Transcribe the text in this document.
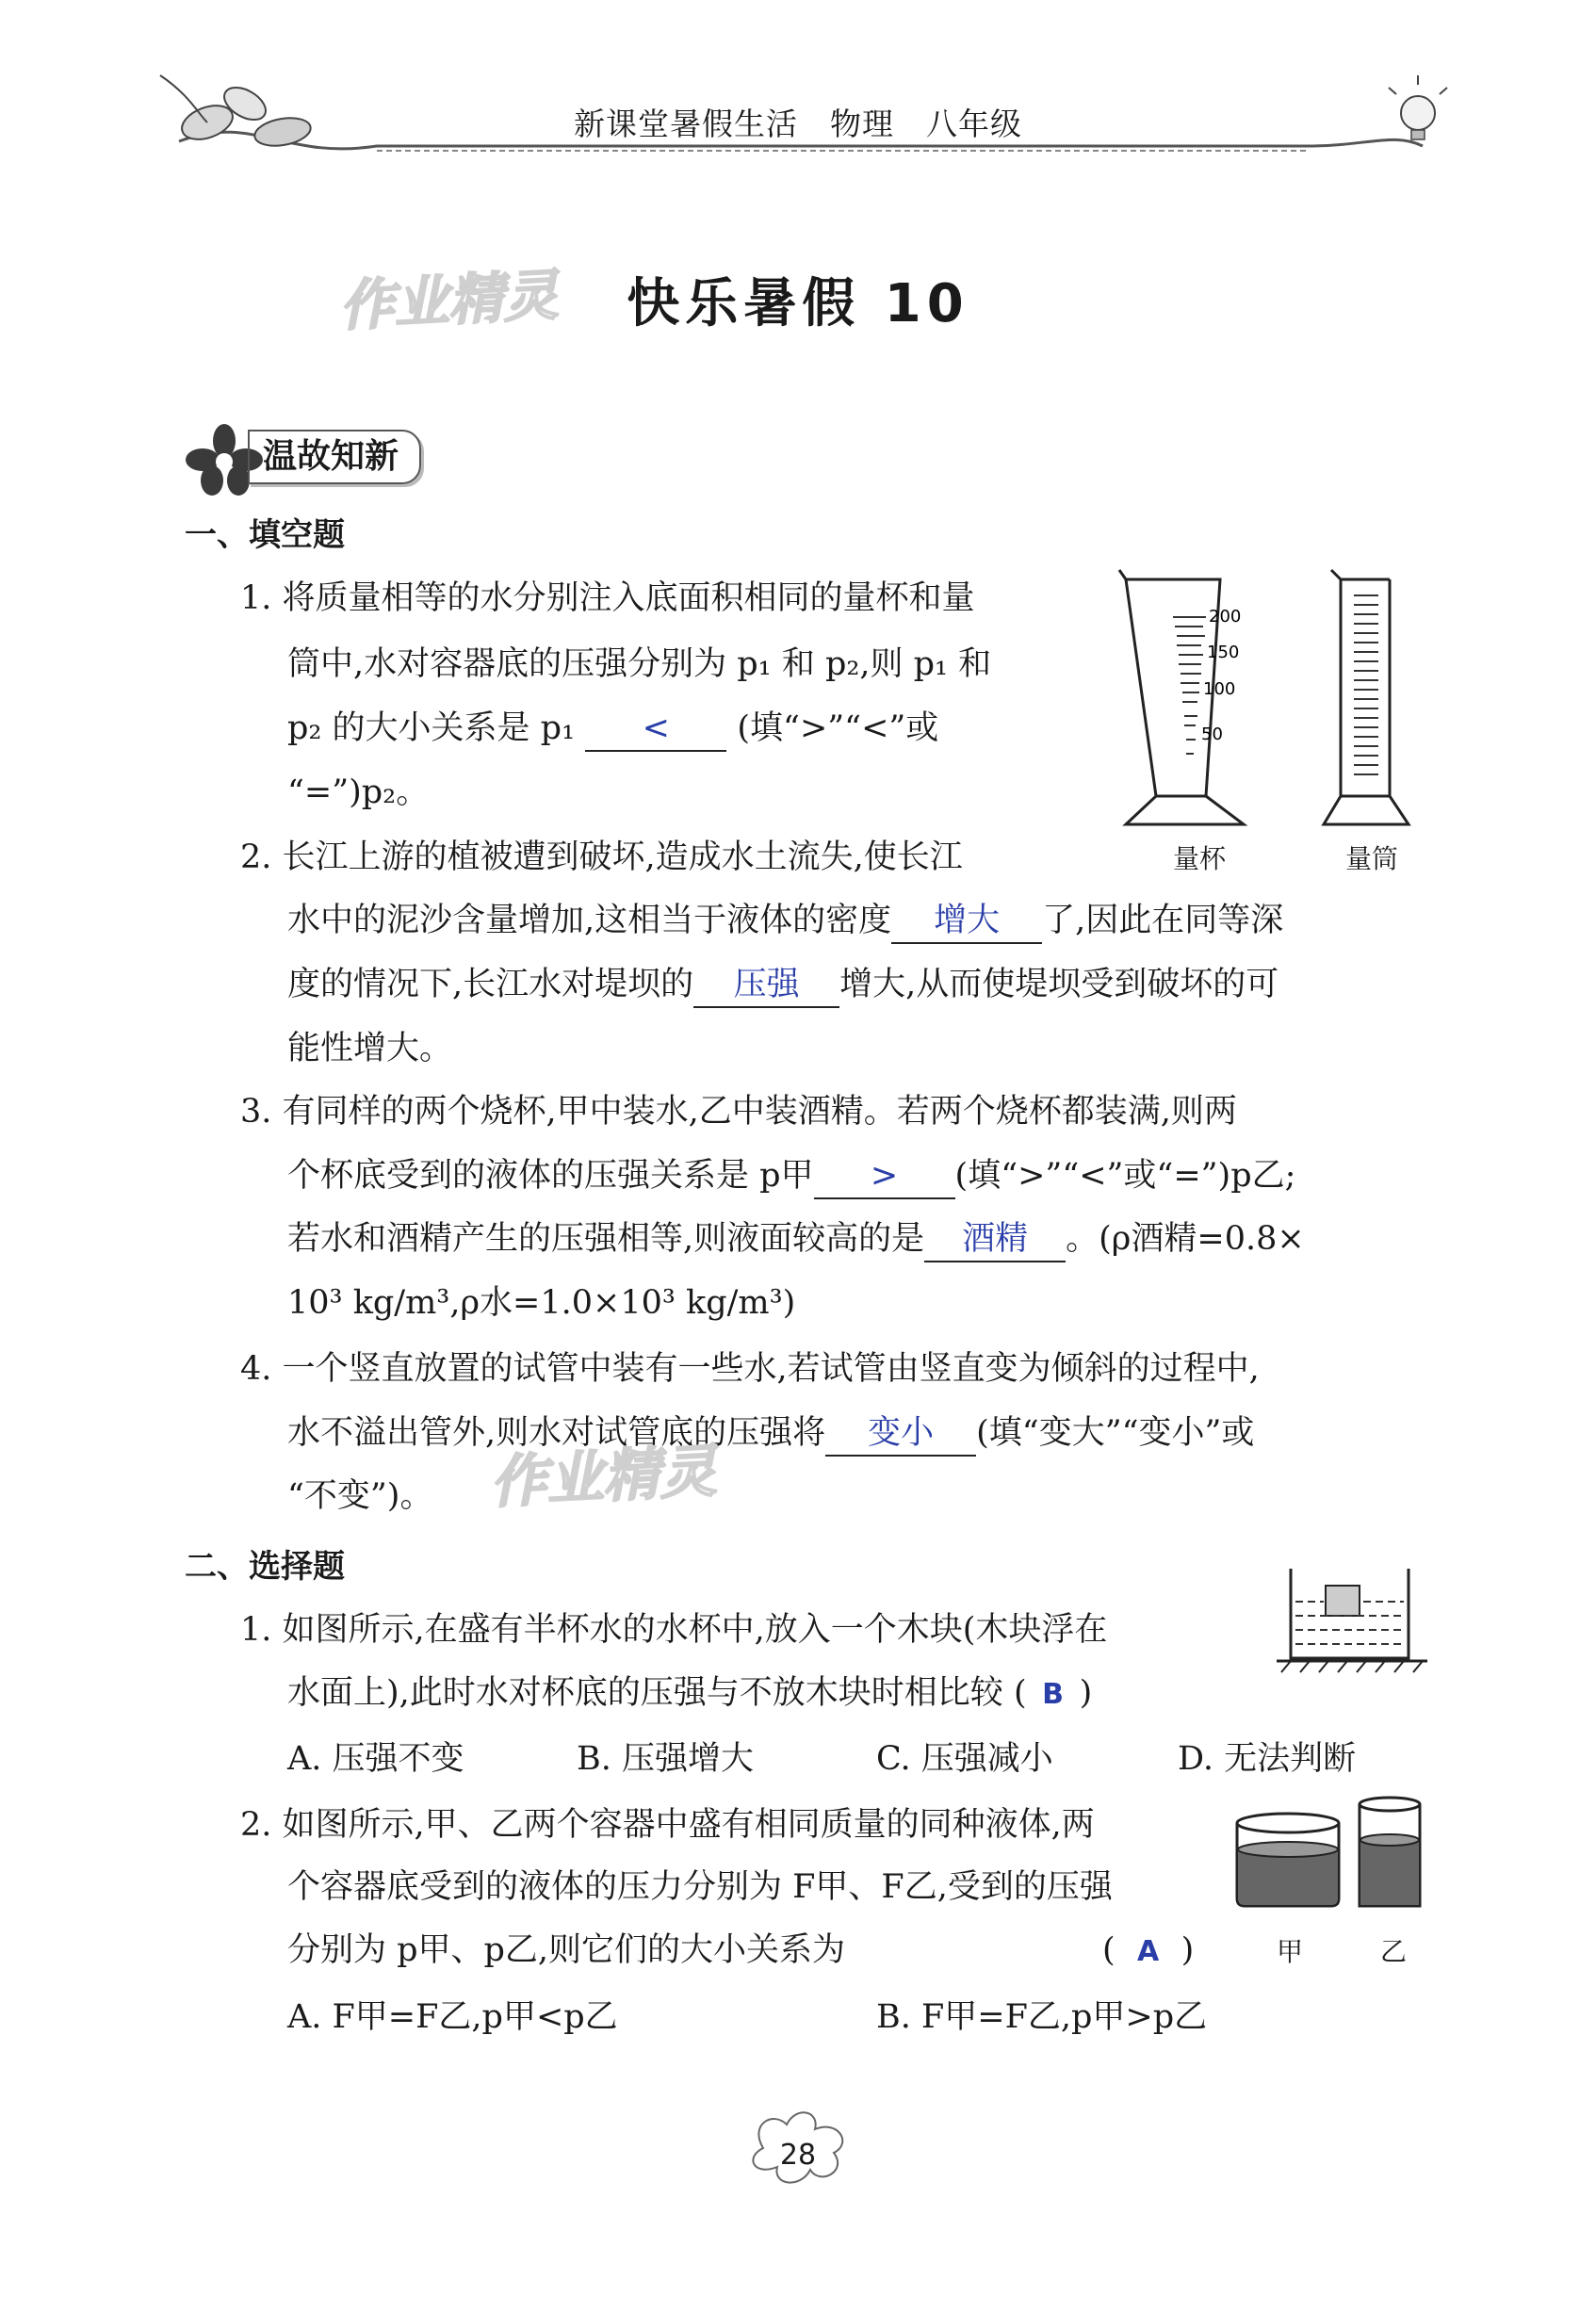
新课堂暑假生活　物理　八年级
作业精灵	快乐暑假 10
温故知新
一、填空题
1. 将质量相等的水分别注入底面积相同的量杯和量
筒中,水对容器底的压强分别为 p₁ 和 p₂,则 p₁ 和
p₂ 的大小关系是 p₁ < (填“>”“<”或
“=”)p₂。
200
150
100
50
量杯	量筒
2. 长江上游的植被遭到破坏,造成水土流失,使长江
水中的泥沙含量增加,这相当于液体的密度 增大 了,因此在同等深
度的情况下,长江水对堤坝的 压强 增大,从而使堤坝受到破坏的可
能性增大。
3. 有同样的两个烧杯,甲中装水,乙中装酒精。若两个烧杯都装满,则两
个杯底受到的液体的压强关系是 p甲 > (填“>”“<”或“=”)p乙;
若水和酒精产生的压强相等,则液面较高的是 酒精 。(ρ酒精=0.8×
10³ kg/m³,ρ水=1.0×10³ kg/m³)
4. 一个竖直放置的试管中装有一些水,若试管由竖直变为倾斜的过程中,
水不溢出管外,则水对试管底的压强将 变小 (填“变大”“变小”或
“不变”)。 作业精灵
二、选择题
1. 如图所示,在盛有半杯水的水杯中,放入一个木块(木块浮在
水面上),此时水对杯底的压强与不放木块时相比较 ( B )
A. 压强不变	B. 压强增大	C. 压强减小	D. 无法判断
2. 如图所示,甲、乙两个容器中盛有相同质量的同种液体,两
个容器底受到的液体的压力分别为 F甲、F乙,受到的压强
分别为 p甲、p乙,则它们的大小关系为	( A )
A. F甲=F乙,p甲<p乙	B. F甲=F乙,p甲>p乙
甲	乙
28
